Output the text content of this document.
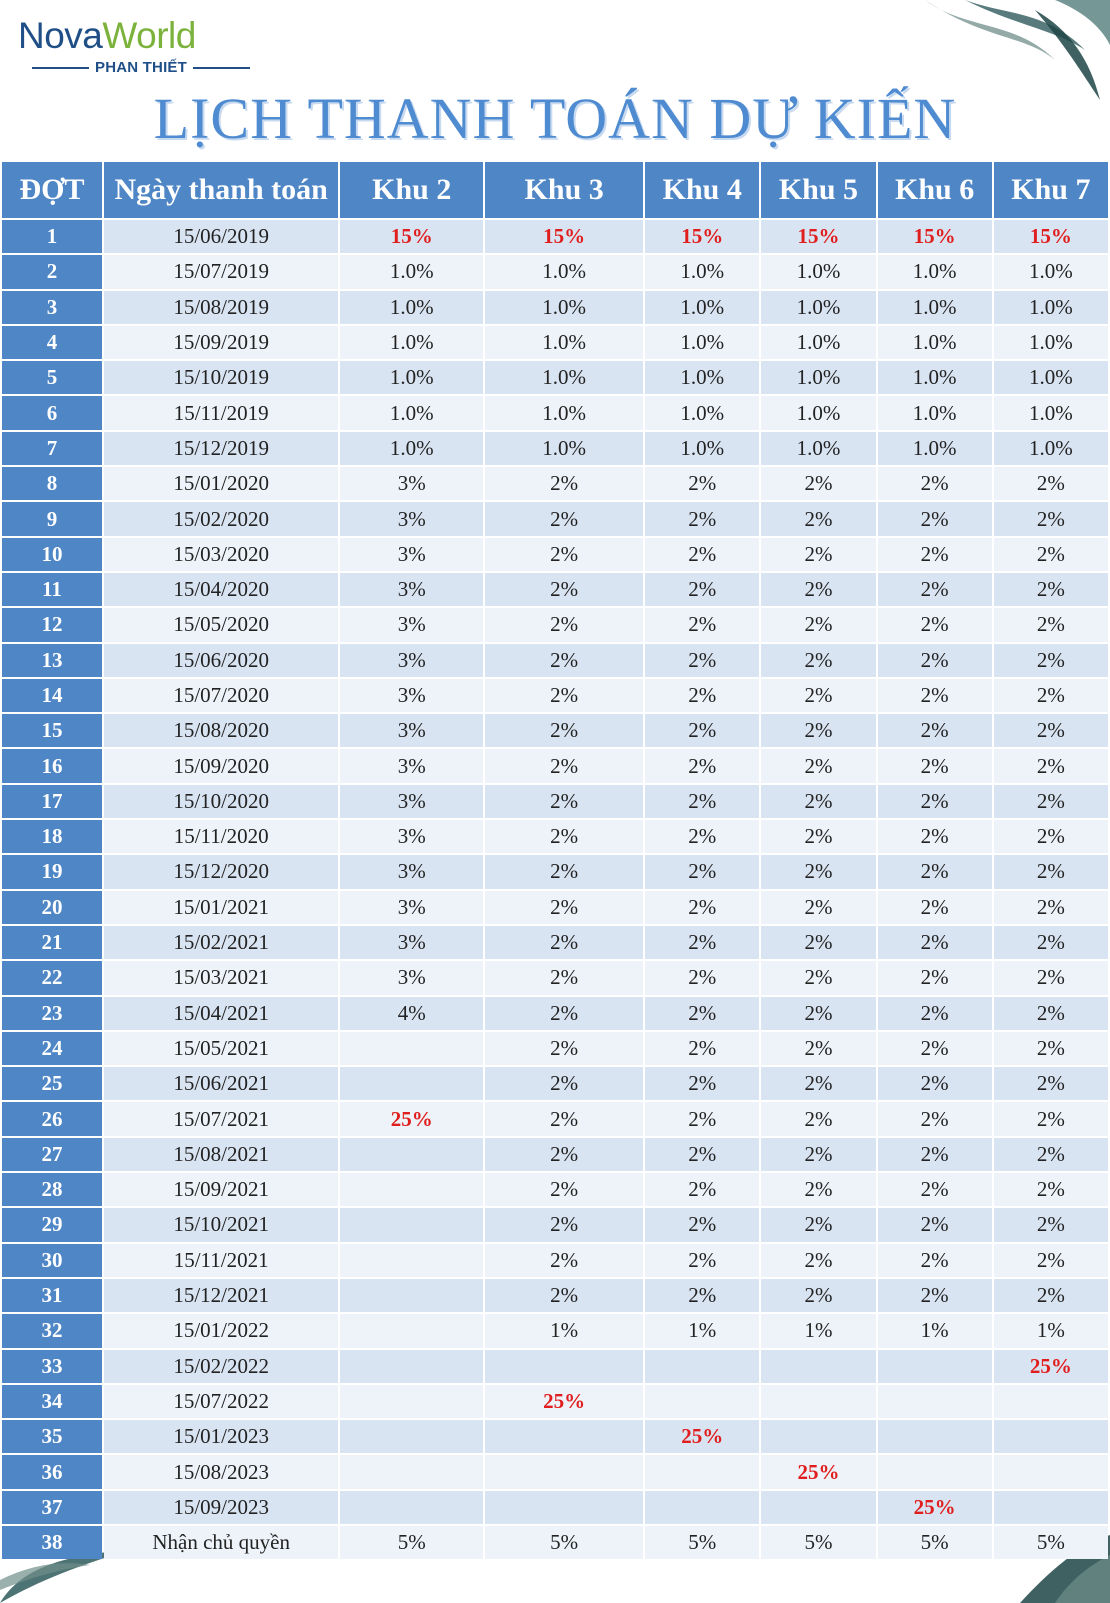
NovaWorld
PHAN THIẾT
LỊCH THANH TOÁN DỰ KIẾN
ĐỢT	Ngày thanh toán	Khu 2	Khu 3	Khu 4	Khu 5	Khu 6	Khu 7
1	15/06/2019	15%	15%	15%	15%	15%	15%
2	15/07/2019	1.0%	1.0%	1.0%	1.0%	1.0%	1.0%
3	15/08/2019	1.0%	1.0%	1.0%	1.0%	1.0%	1.0%
4	15/09/2019	1.0%	1.0%	1.0%	1.0%	1.0%	1.0%
5	15/10/2019	1.0%	1.0%	1.0%	1.0%	1.0%	1.0%
6	15/11/2019	1.0%	1.0%	1.0%	1.0%	1.0%	1.0%
7	15/12/2019	1.0%	1.0%	1.0%	1.0%	1.0%	1.0%
8	15/01/2020	3%	2%	2%	2%	2%	2%
9	15/02/2020	3%	2%	2%	2%	2%	2%
10	15/03/2020	3%	2%	2%	2%	2%	2%
11	15/04/2020	3%	2%	2%	2%	2%	2%
12	15/05/2020	3%	2%	2%	2%	2%	2%
13	15/06/2020	3%	2%	2%	2%	2%	2%
14	15/07/2020	3%	2%	2%	2%	2%	2%
15	15/08/2020	3%	2%	2%	2%	2%	2%
16	15/09/2020	3%	2%	2%	2%	2%	2%
17	15/10/2020	3%	2%	2%	2%	2%	2%
18	15/11/2020	3%	2%	2%	2%	2%	2%
19	15/12/2020	3%	2%	2%	2%	2%	2%
20	15/01/2021	3%	2%	2%	2%	2%	2%
21	15/02/2021	3%	2%	2%	2%	2%	2%
22	15/03/2021	3%	2%	2%	2%	2%	2%
23	15/04/2021	4%	2%	2%	2%	2%	2%
24	15/05/2021		2%	2%	2%	2%	2%
25	15/06/2021		2%	2%	2%	2%	2%
26	15/07/2021	25%	2%	2%	2%	2%	2%
27	15/08/2021		2%	2%	2%	2%	2%
28	15/09/2021		2%	2%	2%	2%	2%
29	15/10/2021		2%	2%	2%	2%	2%
30	15/11/2021		2%	2%	2%	2%	2%
31	15/12/2021		2%	2%	2%	2%	2%
32	15/01/2022		1%	1%	1%	1%	1%
33	15/02/2022						25%
34	15/07/2022		25%				
35	15/01/2023			25%			
36	15/08/2023				25%		
37	15/09/2023					25%	
38	Nhận chủ quyền	5%	5%	5%	5%	5%	5%
